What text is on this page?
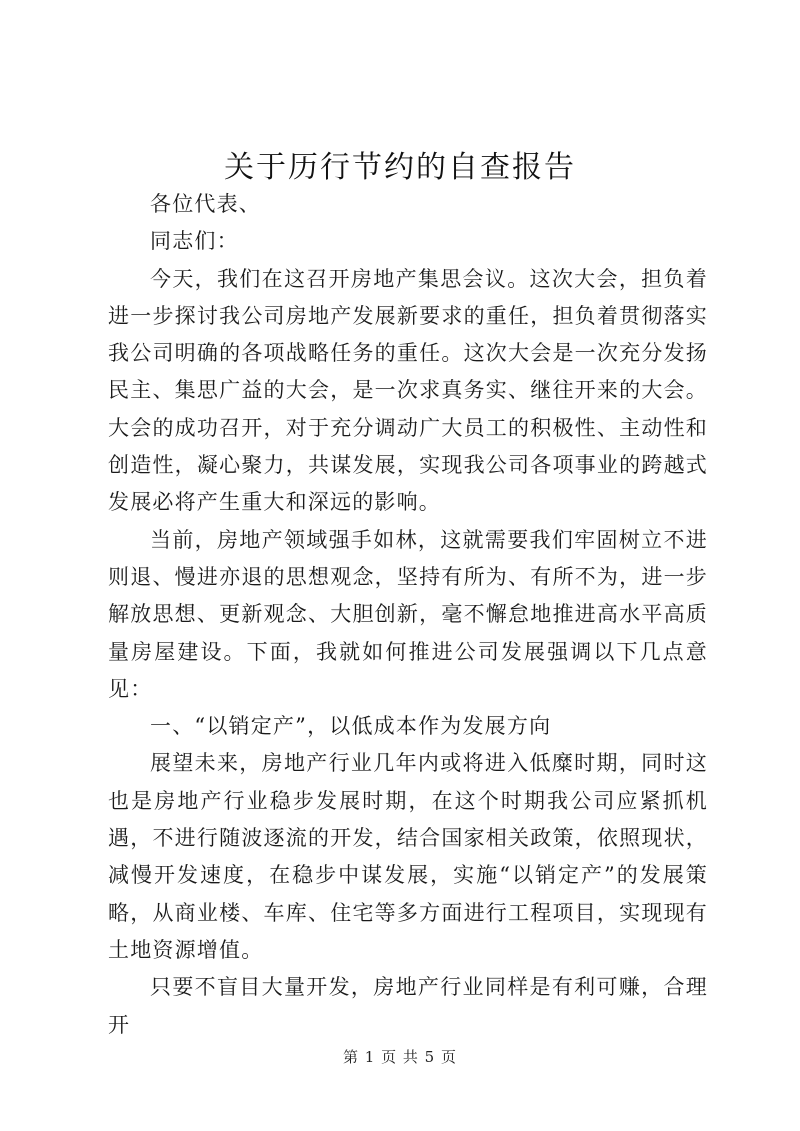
关于历行节约的自查报告

各位代表、

同志们：

今天，我们在这召开房地产集思会议。这次大会，担负着进一步探讨我公司房地产发展新要求的重任，担负着贯彻落实我公司明确的各项战略任务的重任。这次大会是一次充分发扬民主、集思广益的大会，是一次求真务实、继往开来的大会。大会的成功召开，对于充分调动广大员工的积极性、主动性和创造性，凝心聚力，共谋发展，实现我公司各项事业的跨越式发展必将产生重大和深远的影响。

当前，房地产领域强手如林，这就需要我们牢固树立不进则退、慢进亦退的思想观念，坚持有所为、有所不为，进一步解放思想、更新观念、大胆创新，毫不懈怠地推进高水平高质量房屋建设。下面，我就如何推进公司发展强调以下几点意见：

一、“以销定产”，以低成本作为发展方向

展望未来，房地产行业几年内或将进入低糜时期，同时这也是房地产行业稳步发展时期，在这个时期我公司应紧抓机遇，不进行随波逐流的开发，结合国家相关政策，依照现状，减慢开发速度，在稳步中谋发展，实施“以销定产”的发展策略，从商业楼、车库、住宅等多方面进行工程项目，实现现有土地资源增值。

只要不盲目大量开发，房地产行业同样是有利可赚，合理开

第 1 页 共 5 页
